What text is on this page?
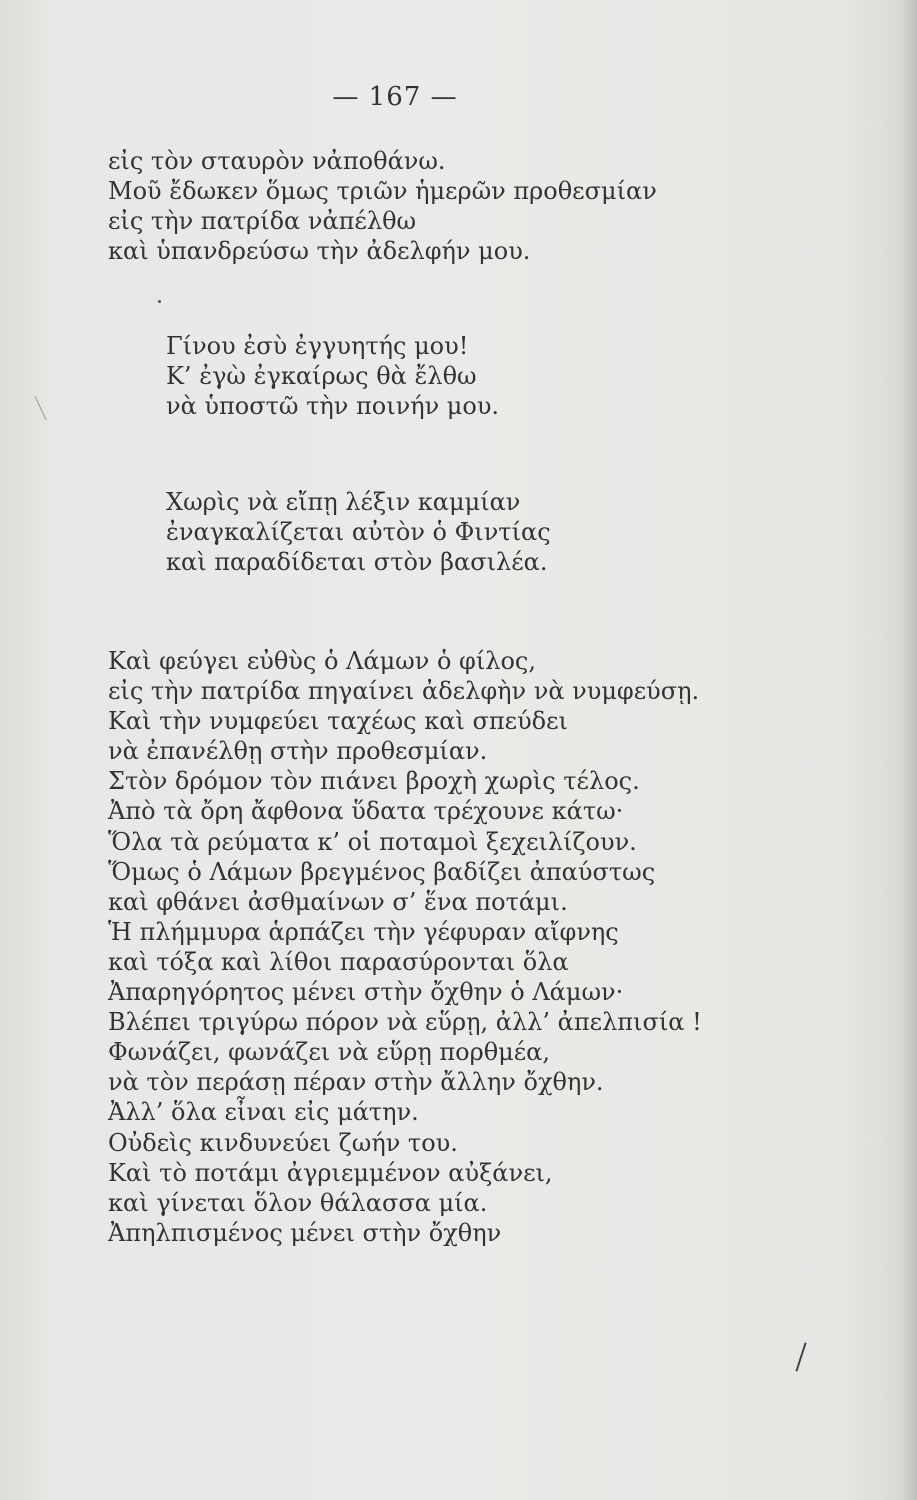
— 167 —
εἰς τὸν σταυρὸν νἀποθάνω.
Μοῦ ἔδωκεν ὅμως τριῶν ἡμερῶν προθεσμίαν
εἰς τὴν πατρίδα νἀπέλθω
καὶ ὑπανδρεύσω τὴν ἀδελφήν μου.
Γίνου ἐσὺ ἐγγυητής μου!
Κ’ ἐγὼ ἐγκαίρως θὰ ἔλθω
νὰ ὑποστῶ τὴν ποινήν μου.
Χωρὶς νὰ εἴπῃ λέξιν καμμίαν
ἐναγκαλίζεται αὐτὸν ὁ Φιντίας
καὶ παραδίδεται στὸν βασιλέα.
Καὶ φεύγει εὐθὺς ὁ Λάμων ὁ φίλος,
εἰς τὴν πατρίδα πηγαίνει ἀδελφὴν νὰ νυμφεύσῃ.
Καὶ τὴν νυμφεύει ταχέως καὶ σπεύδει
νὰ ἐπανέλθῃ στὴν προθεσμίαν.
Στὸν δρόμον τὸν πιάνει βροχὴ χωρὶς τέλος.
Ἀπὸ τὰ ὄρη ἄφθονα ὕδατα τρέχουνε κάτω·
Ὅλα τὰ ρεύματα κ’ οἱ ποταμοὶ ξεχειλίζουν.
Ὅμως ὁ Λάμων βρεγμένος βαδίζει ἀπαύστως
καὶ φθάνει ἀσθμαίνων σ’ ἕνα ποτάμι.
Ἡ πλήμμυρα ἁρπάζει τὴν γέφυραν αἴφνης
καὶ τόξα καὶ λίθοι παρασύρονται ὅλα
Ἀπαρηγόρητος μένει στὴν ὄχθην ὁ Λάμων·
Βλέπει τριγύρω πόρον νὰ εὕρῃ, ἀλλ’ ἀπελπισία !
Φωνάζει, φωνάζει νὰ εὕρῃ πορθμέα,
νὰ τὸν περάσῃ πέραν στὴν ἄλλην ὄχθην.
Ἀλλ’ ὅλα εἶναι εἰς μάτην.
Οὐδεὶς κινδυνεύει ζωήν του.
Καὶ τὸ ποτάμι ἀγριεμμένον αὐξάνει,
καὶ γίνεται ὅλον θάλασσα μία.
Ἀπηλπισμένος μένει στὴν ὄχθην
